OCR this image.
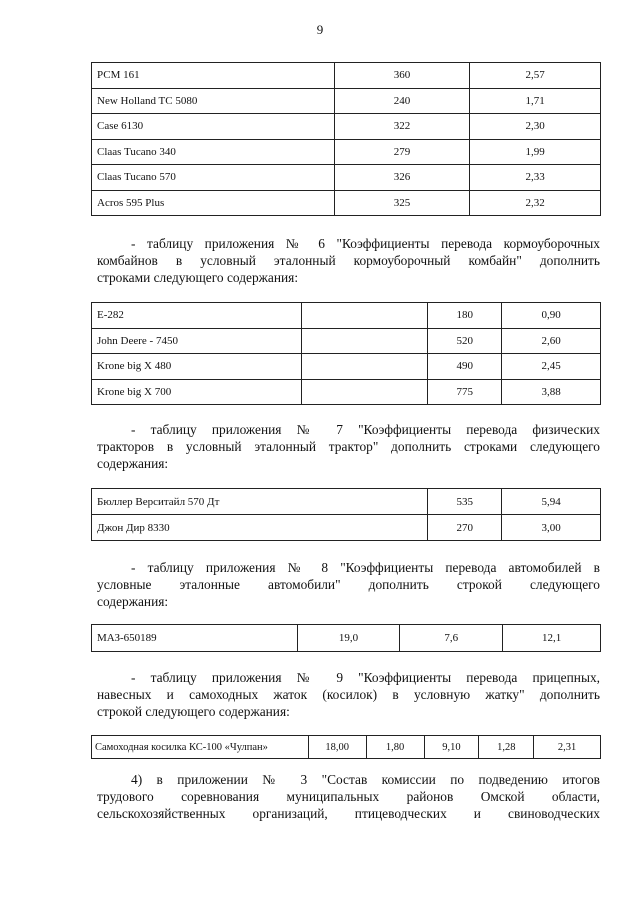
9
РСМ 161	360	2,57
New Holland TC 5080	240	1,71
Case 6130	322	2,30
Claas Tucano 340	279	1,99
Claas Tucano 570	326	2,33
Acros 595 Plus	325	2,32
- таблицу приложения № 6 "Коэффициенты перевода кормоуборочных
комбайнов в условный эталонный кормоуборочный комбайн" дополнить
строками следующего содержания:
Е-282		180	0,90
John Deere - 7450		520	2,60
Krone big X 480		490	2,45
Krone big X 700		775	3,88
- таблицу приложения № 7 "Коэффициенты перевода физических
тракторов в условный эталонный трактор" дополнить строками следующего
содержания:
Бюллер Верситайл 570 Дт	535	5,94
Джон Дир 8330	270	3,00
- таблицу приложения № 8 "Коэффициенты перевода автомобилей в
условные эталонные автомобили" дополнить строкой следующего
содержания:
МАЗ-650189	19,0	7,6	12,1
- таблицу приложения № 9 "Коэффициенты перевода прицепных,
навесных и самоходных жаток (косилок) в условную жатку" дополнить
строкой следующего содержания:
Самоходная косилка КС-100 «Чулпан»	18,00	1,80	9,10	1,28	2,31
4) в приложении № 3 "Состав комиссии по подведению итогов
трудового соревнования муниципальных районов Омской области,
сельскохозяйственных организаций, птицеводческих и свиноводческих
